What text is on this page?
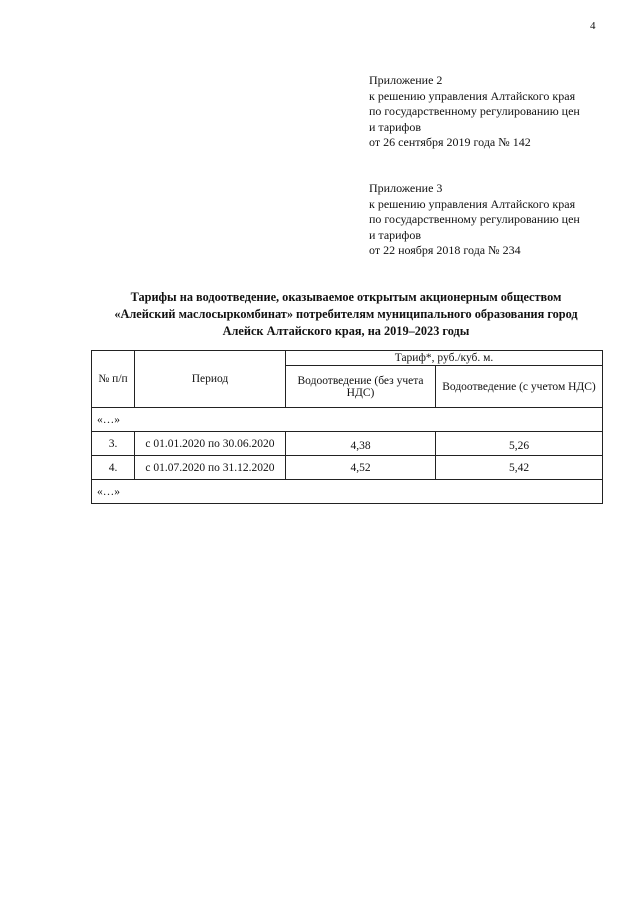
4
Приложение 2
к решению управления Алтайского края
по государственному регулированию цен
и тарифов
от 26 сентября 2019 года № 142
Приложение 3
к решению управления Алтайского края
по государственному регулированию цен
и тарифов
от 22 ноября 2018 года № 234
Тарифы на водоотведение, оказываемое открытым акционерным обществом
«Алейский маслосыркомбинат» потребителям муниципального образования город
Алейск Алтайского края, на 2019–2023 годы
№ п/п	Период	Тариф*, руб./куб. м.	
		Водоотведение (без учета НДС)	Водоотведение (с учетом НДС)
«…»			
3.	с 01.01.2020 по 30.06.2020	4,38	5,26
4.	с 01.07.2020 по 31.12.2020	4,52	5,42
«…»			
